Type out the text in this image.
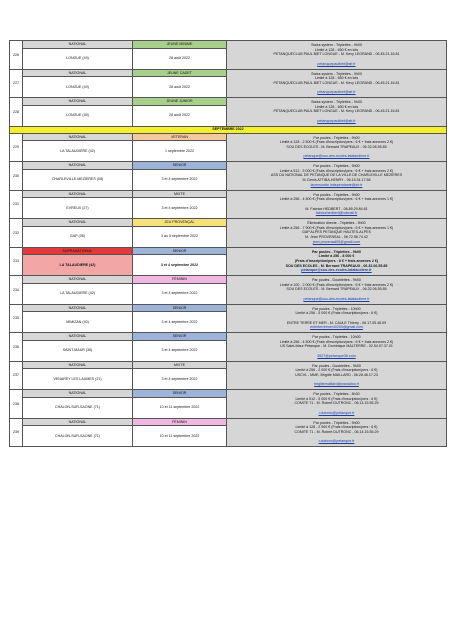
226	NATIONAL	JEUNE MINIME	Swiss system - Triplettes - 9h00
Limité à 128 - 650 € en lots
PETANQUECLUB PAUL BIET LONGUE - M. Kevy LEGRAND - 06.45.21.16.81

petanquepaulbiet@sfr.fr

	LONGUE (49)	28 août 2022	
227	NATIONAL	JEUNE CADET	Swiss system - Triplettes - 9h00
Limité à 128 - 650 € en lots
PETANQUECLUB PAUL BIET LONGUE - M. Kevy LEGRAND - 06.45.21.16.81

petanquepaulbiet@sfr.fr

	LONGUE (49)	28 août 2022	
228	NATIONAL	JEUNE JUNIOR	Swiss system - Triplettes - 9h00
Limité à 128 - 650 € en lots
PETANQUECLUB PAUL BIET LONGUE - M. Kevy LEGRAND - 06.45.21.16.81

petanquepaulbiet@sfr.fr

	LONGUE (49)	28 août 2022	
SEPTEMBRE 2022			
229	NATIONAL	VETERAN	Par poules - Triplettes - 9h00
Limité à 128 - 2 500 € (Frais d'inscription/pers : 6 € + frais annexes 2 €)
SOU DES ECOLES - M. Bernard TRAPEAUX - 06.32.06.55.85

petanque@sou-des-ecoles-latalaudiere.fr

	LA TALAUDIERE (42)	1 septembre 2022	
230	NATIONAL	SENIOR	Par poules - Triplettes - 9h00
Limité à 512 - 5 000 € (Frais d'inscription/pers : 6 € + frais annexes 2 €)
ASS DU NATIONAL DE PETANQUE DE LA VILLE DE CHARLEVILLE MEZIERES
M. Denis ATTIBA-HENRY - 06.15.34.17.58
lacensordie.independante@sfr.fr

	CHARLEVILLE-MEZIERES (08)	3 et 4 septembre 2022	
231	NATIONAL	MIXTE	Par poules - Triplettes - 9h00
Limité à 256 - 4 500 € (Frais d'inscription/pers : 6 € + frais annexes 1 €)

M. Fabrice HEDBERT - 06.89.29.84.81
fabricehedbert@hotmail.fr

	EVREUX (27)	3 et 4 septembre 2022	
232	NATIONAL	JEU PROVENÇAL	Élimination directe - Triplettes - 9h00
Limité à 256 - 7 900 € (Frais d'inscription/pers : 6 € + frais annexes 1 €)
GAP ALPES PETANQUE HAUTES-ALPES
M. Jean PROVENSAL - 06.72.56.74.42
jean.provensal05@gmail.com

	GAP (05)	3 au 5 septembre 2022	
233	SUPRANATIONAL	SENIOR	Par poules - Triplettes - 9h00
Limité à 256 - 8 000 €
(Frais d'inscription/pers : 8 € + frais annexes 2 €)
SOU DES ECOLES - M. Bernard TRAPEAUX - 06.32.06.55.85
petanque@sou-des-ecoles-latalaudiere.fr

	LA TALAUDIERE (42)	3 et 4 septembre 2022	
234	NATIONAL	FÉMININ	Par poules - Doublettes - 9h00
Limité à 100 - 2 000 € (Frais d'inscription/pers : 6 € + frais annexes 2 €)
SOU DES ECOLES - M. Bernard TRAPEAUX - 06.32.06.55.85

petanque@sou-des-ecoles-latalaudiere.fr

	LA TALAUDIERE (42)	3 et 4 septembre 2022	
235	NATIONAL	SENIOR	Par poules - Triplettes - 10h00
Limité à 256 - 5 000 € (Frais d'inscription/pers : 6 €)

ENTRE TERRE ET MER - M. CAULE Thierry - 06.17.05.48.09
entreterretmer40200@gmail.com

	MIMIZAN (40)	3 et 4 septembre 2022	
236	NATIONAL	SENIOR	Par poules - Triplettes - 10h00
Limité à 256 - 4 500 € (Frais d'inscription/pers : 6 € + frais annexes 2 €)
US Saint-Maur Pétanque - M. Dominique MALTERRE - 02.54.07.37.01

3627@petanque36.com

	SAINT-MAUR (36)	3 et 4 septembre 2022	
237	NATIONAL	MIXTE	Par poules - Doublettes - 9h00
Limité à 256 - 2 000 € (Frais d'inscription/pers : 6 €)
USCVL - MME. Brigitte MAILLARD - 06.28.46.17.23

brigittemaillard@wanadoo.fr

	VENAREY LES LAUMES (21)	3 et 4 septembre 2022	
238	NATIONAL	SENIOR	Par poules - Triplettes - 8h30
Limité à 512 - 5 000 € (Frais d'inscription/pers : 6 €)
COMITE 71 - M. Robert DUTRONC - 06.14.15.55.29

r.dutronc@petanque.fr

	CHALON-SUR-SAONE (71)	10 et 11 septembre 2022	
239	NATIONAL	FÉMININ	Par poules - Triplettes - 9h00
Limité à 128 - 2 500 € (Frais d'inscription/pers : 6 €)
COMITE 71 - M. Robert DUTRONC - 06.14.15.55.29

r.dutronc@petanque.fr

	CHALON-SUR-SAONE (71)	10 et 11 septembre 2022	
